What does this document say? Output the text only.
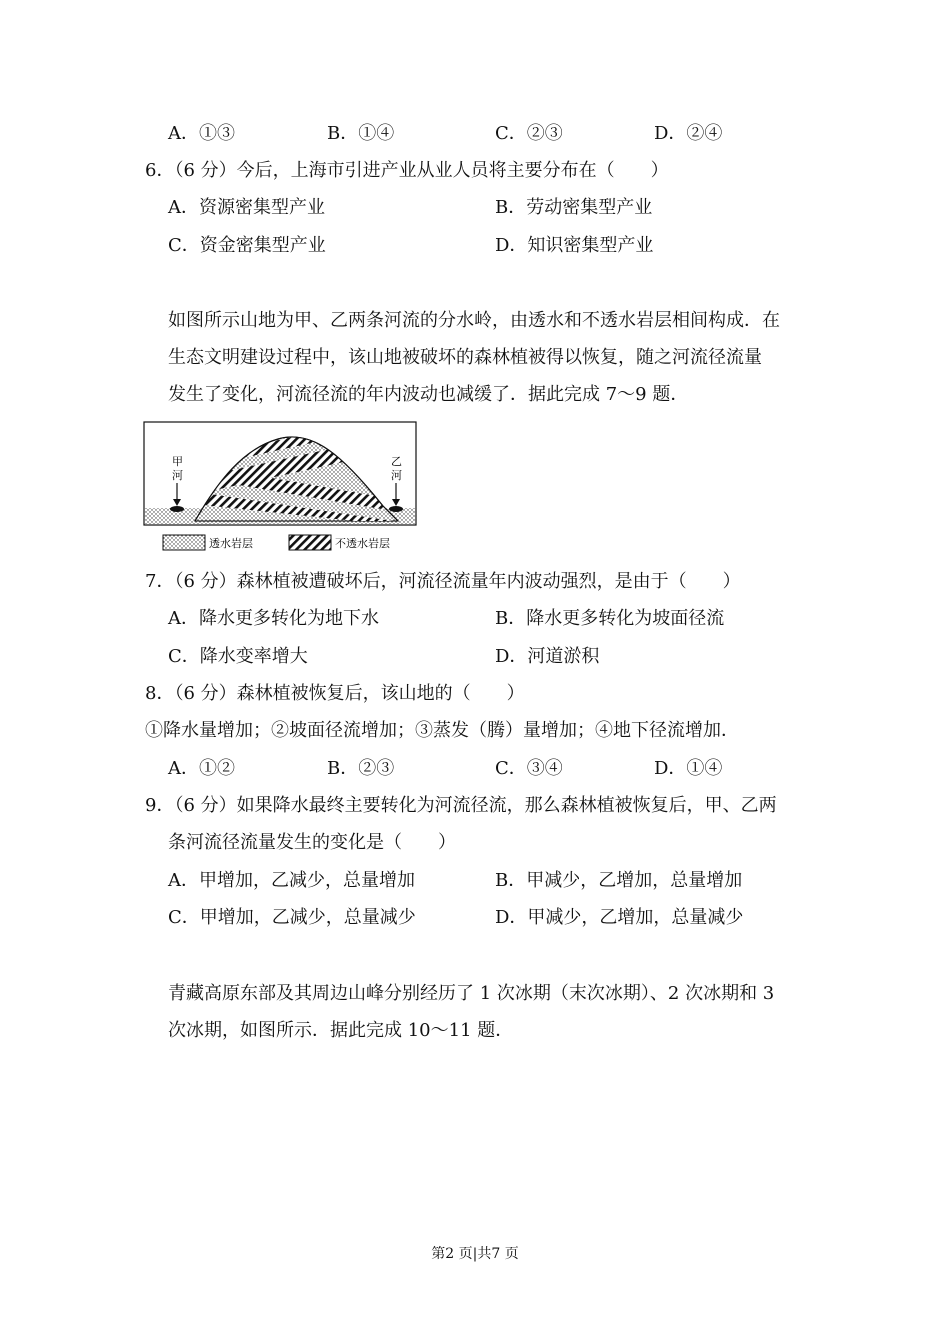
A．①③	B．①④	C．②③	D．②④
6．（6 分）今后，上海市引进产业从业人员将主要分布在（　　）
A．资源密集型产业	B．劳动密集型产业
C．资金密集型产业	D．知识密集型产业
如图所示山地为甲、乙两条河流的分水岭，由透水和不透水岩层相间构成．在
生态文明建设过程中，该山地被破坏的森林植被得以恢复，随之河流径流量
发生了变化，河流径流的年内波动也减缓了．据此完成 7～9 题．
甲
河
乙
河
透水岩层	不透水岩层
7．（6 分）森林植被遭破坏后，河流径流量年内波动强烈，是由于（　　）
A．降水更多转化为地下水	B．降水更多转化为坡面径流
C．降水变率增大	D．河道淤积
8．（6 分）森林植被恢复后，该山地的（　　）
①降水量增加；②坡面径流增加；③蒸发（腾）量增加；④地下径流增加．
A．①②	B．②③	C．③④	D．①④
9．（6 分）如果降水最终主要转化为河流径流，那么森林植被恢复后，甲、乙两
条河流径流量发生的变化是（　　）
A．甲增加，乙减少，总量增加	B．甲减少，乙增加，总量增加
C．甲增加，乙减少，总量减少	D．甲减少，乙增加，总量减少
青藏高原东部及其周边山峰分别经历了 1 次冰期（末次冰期）、2 次冰期和 3
次冰期，如图所示．据此完成 10～11 题．
第2 页|共7 页
